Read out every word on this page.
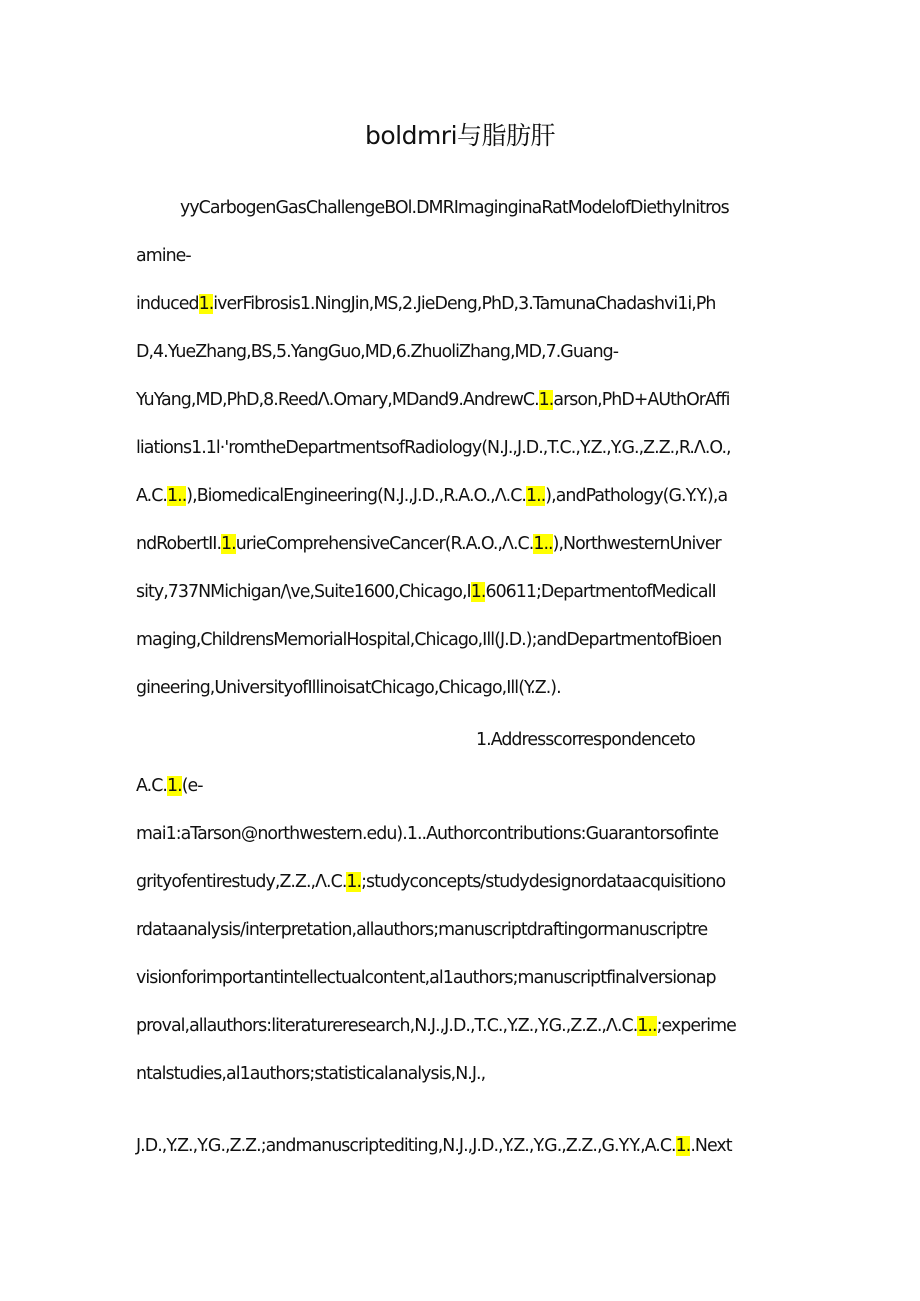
boldmri与脂肪肝
yyCarbogenGasChallengeBOl.DMRImaginginaRatModelofDiethylnitros
amine-
induced1.iverFibrosis1.NingJin,MS,2.JieDeng,PhD,3.TamunaChadashvi1i,Ph
D,4.YueZhang,BS,5.YangGuo,MD,6.ZhuoliZhang,MD,7.Guang-
YuYang,MD,PhD,8.ReedΛ.Omary,MDand9.AndrewC.1.arson,PhD+AUthOrAffi
liations1.1l·'romtheDepartmentsofRadiology(N.J.,J.D.,T.C.,Y.Z.,Y.G.,Z.Z.,R.Λ.O.,
A.C.1..),BiomedicalEngineering(N.J.,J.D.,R.A.O.,Λ.C.1..),andPathology(G.Y.Y.),a
ndRobertII.1.urieComprehensiveCancer(R.A.O.,Λ.C.1..),NorthwesternUniver
sity,737NMichigan∕\ve,Suite1600,Chicago,I1.60611;DepartmentofMedicalI
maging,ChildrensMemorialHospital,Chicago,Ill(J.D.);andDepartmentofBioen
gineering,UniversityofIllinoisatChicago,Chicago,Ill(Y.Z.).
1.Addresscorrespondenceto
A.C.1.(e-
mai1:aTarson@northwestern.edu).1..Authorcontributions:Guarantorsofinte
grityofentirestudy,Z.Z.,Λ.C.1.;studyconcepts/studydesignordataacquisitiono
rdataanalysis/interpretation,allauthors;manuscriptdraftingormanuscriptre
visionforimportantintellectualcontent,al1authors;manuscriptfinalversionap
proval,allauthors:literatureresearch,N.J.,J.D.,T.C.,Y.Z.,Y.G.,Z.Z.,Λ.C.1..;experime
ntalstudies,al1authors;statisticalanalysis,N.J.,
J.D.,Y.Z.,Y.G.,Z.Z.;andmanuscriptediting,N.J.,J.D.,Y.Z.,Y.G.,Z.Z.,G.Y.Y.,A.C.1..Next
